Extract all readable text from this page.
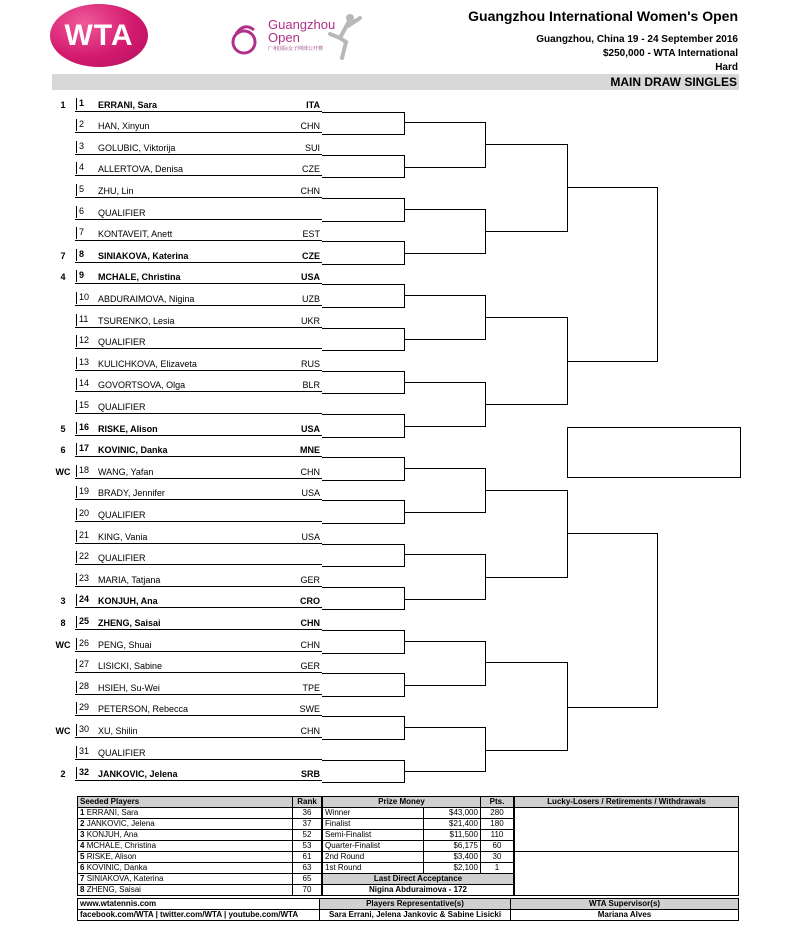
WTA	Guangzhou
Open
广州国际女子网球公开赛
Guangzhou International Women's Open
Guangzhou, China 19 - 24 September 2016
$250,000 - WTA International
Hard
MAIN DRAW SINGLES
1	1	ERRANI, Sara	ITA
2	HAN, Xinyun	CHN
3	GOLUBIC, Viktorija	SUI
4	ALLERTOVA, Denisa	CZE
5	ZHU, Lin	CHN
6	QUALIFIER
7	KONTAVEIT, Anett	EST
7	8	SINIAKOVA, Katerina	CZE
4	9	MCHALE, Christina	USA
10 ABDURAIMOVA, Nigina	UZB
11	TSURENKO, Lesia	UKR
12 QUALIFIER
13 KULICHKOVA, Elizaveta	RUS
14 GOVORTSOVA, Olga	BLR
15 QUALIFIER
5	16 RISKE, Alison	USA
6	17 KOVINIC, Danka	MNE
WC 18 WANG, Yafan	CHN
19 BRADY, Jennifer	USA
20 QUALIFIER
21 KING, Vania	USA
22 QUALIFIER
23 MARIA, Tatjana	GER
3	24 KONJUH, Ana	CRO
8	25 ZHENG, Saisai	CHN
WC 26 PENG, Shuai	CHN
27 LISICKI, Sabine	GER
28 HSIEH, Su-Wei	TPE
29 PETERSON, Rebecca	SWE
WC 30 XU, Shilin	CHN
31 QUALIFIER
2	32 JANKOVIC, Jelena	SRB
Seeded Players	Rank
1 ERRANI, Sara	36
2 JANKOVIC, Jelena	37
3 KONJUH, Ana	52
4 MCHALE, Christina	53
5 RISKE, Alison	61
6 KOVINIC, Danka	63
7 SINIAKOVA, Katerina	65
8 ZHENG, Saisai	70
Prize Money		Pts.
Winner	$43,000	280
Finalist	$21,400	180
Semi-Finalist	$11,500	110
Quarter-Finalist	$6,175	60
2nd Round	$3,400	30
1st Round	$2,100	1
Last Direct Acceptance		
Nigina Abduraimova - 172		
Lucky-Losers / Retirements / Withdrawals

www.wtatennis.com	Players Representative(s)	WTA Supervisor(s)
facebook.com/WTA | twitter.com/WTA | youtube.com/WTA	Sara Errani, Jelena Jankovic & Sabine Lisicki	Mariana Alves
